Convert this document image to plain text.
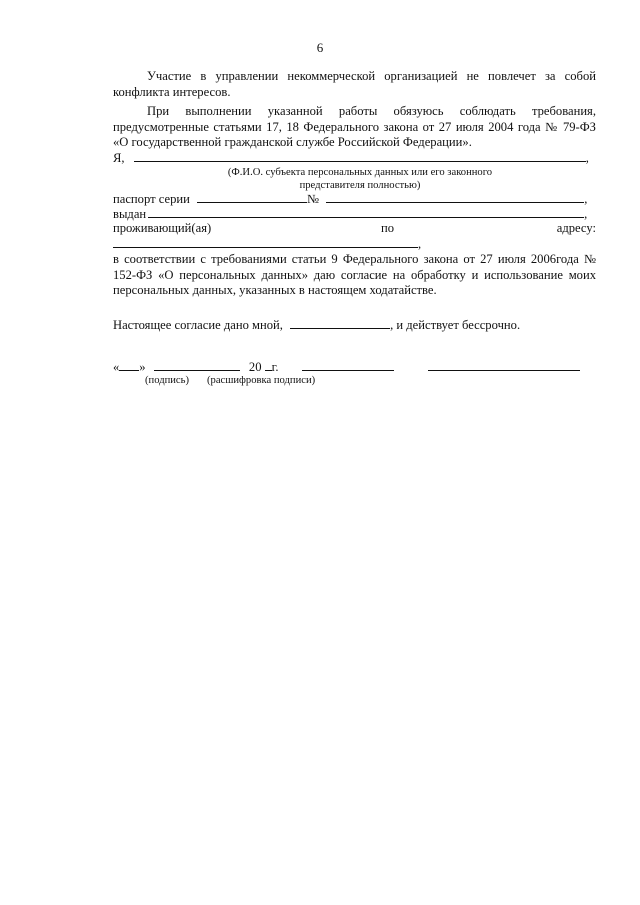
6

Участие в управлении некоммерческой организацией не повлечет за собой конфликта интересов.

При выполнении указанной работы обязуюсь соблюдать требования, предусмотренные статьями 17, 18 Федерального закона от 27 июля 2004 года № 79-ФЗ «О государственной гражданской службе Российской Федерации».

Я,	,
(Ф.И.О. субъекта персональных данных или его законного
представителя полностью)
паспорт серии	№	,
выдан	,
проживающий(ая)	по	адресу:
,

в соответствии с требованиями статьи 9 Федерального закона от 27 июля 2006года № 152-ФЗ «О персональных данных» даю согласие на обработку и использование моих персональных данных, указанных в настоящем ходатайстве.

Настоящее согласие дано мной,	, и действует бессрочно.
« »	20 г.
(подпись) (расшифровка подписи)
